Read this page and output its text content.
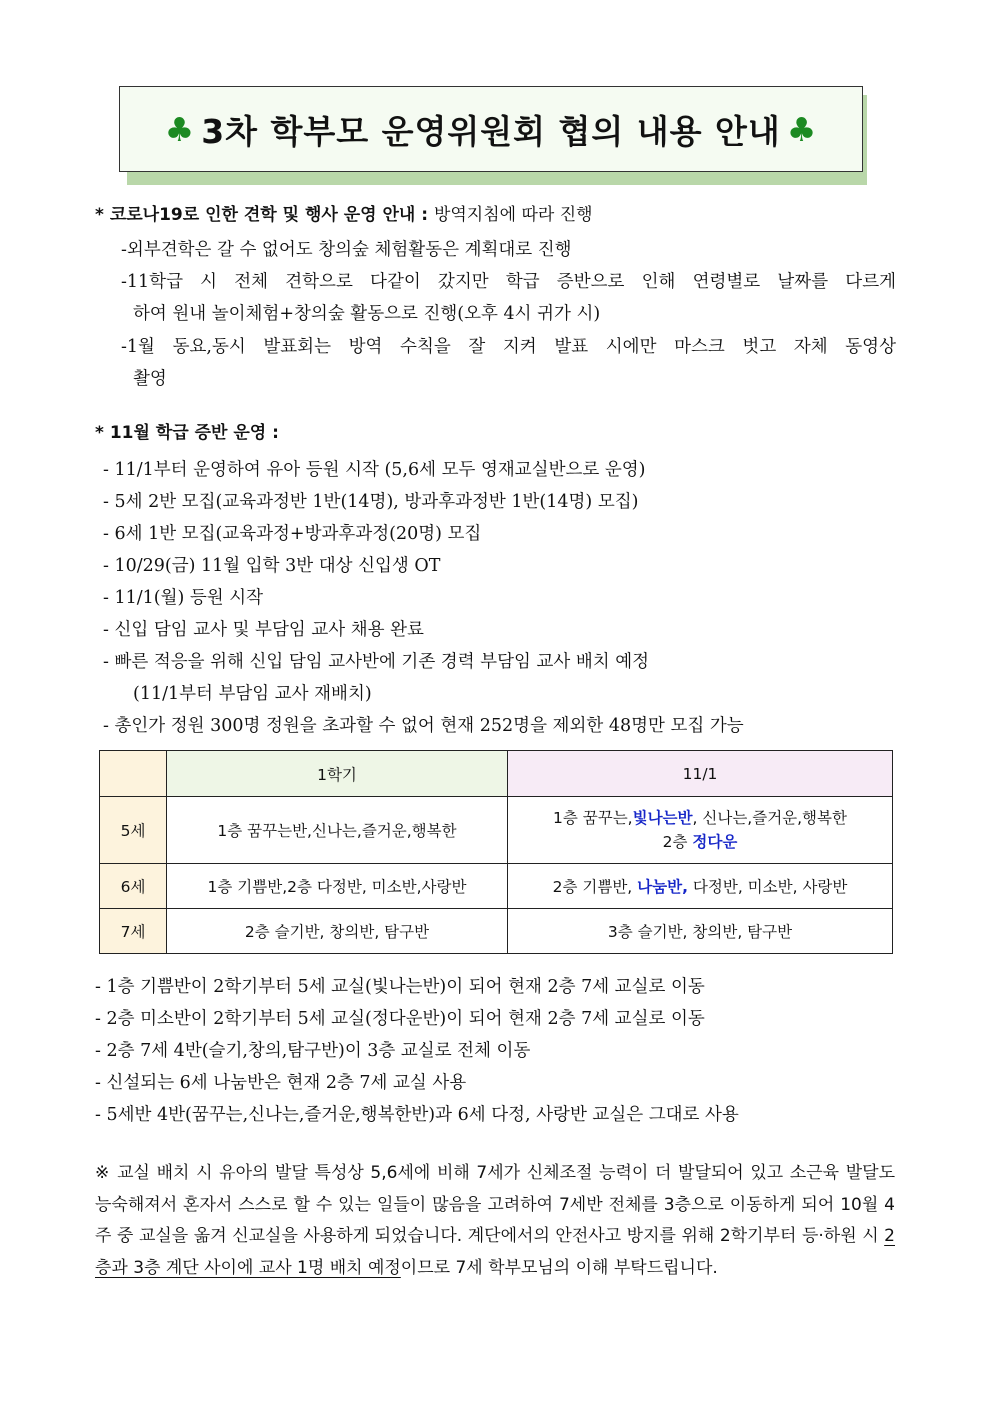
♣ 3차 학부모 운영위원회 협의 내용 안내 ♣
* 코로나19로 인한 견학 및 행사 운영 안내 : 방역지침에 따라 진행
-외부견학은 갈 수 없어도 창의숲 체험활동은 계획대로 진행
-11학급 시 전체 견학으로 다같이 갔지만 학급 증반으로 인해 연령별로 날짜를 다르게
하여 원내 놀이체험+창의숲 활동으로 진행(오후 4시 귀가 시)
-1월 동요,동시 발표회는 방역 수칙을 잘 지켜 발표 시에만 마스크 벗고 자체 동영상
촬영
* 11월 학급 증반 운영 :
- 11/1부터 운영하여 유아 등원 시작 (5,6세 모두 영재교실반으로 운영)
- 5세 2반 모집(교육과정반 1반(14명), 방과후과정반 1반(14명) 모집)
- 6세 1반 모집(교육과정+방과후과정(20명) 모집
- 10/29(금) 11월 입학 3반 대상 신입생 OT
- 11/1(월) 등원 시작
- 신입 담임 교사 및 부담임 교사 채용 완료
- 빠른 적응을 위해 신입 담임 교사반에 기존 경력 부담임 교사 배치 예정
(11/1부터 부담임 교사 재배치)
- 총인가 정원 300명 정원을 초과할 수 없어 현재 252명을 제외한 48명만 모집 가능
	1학기	11/1
5세	1층 꿈꾸는반,신나는,즐거운,행복한	1층 꿈꾸는,빛나는반, 신나는,즐거운,행복한
2층 정다운

6세	1층 기쁨반,2층 다정반, 미소반,사랑반	2층 기쁨반, 나눔반, 다정반, 미소반, 사랑반
7세	2층 슬기반, 창의반, 탐구반	3층 슬기반, 창의반, 탐구반
- 1층 기쁨반이 2학기부터 5세 교실(빛나는반)이 되어 현재 2층 7세 교실로 이동
- 2층 미소반이 2학기부터 5세 교실(정다운반)이 되어 현재 2층 7세 교실로 이동
- 2층 7세 4반(슬기,창의,탐구반)이 3층 교실로 전체 이동
- 신설되는 6세 나눔반은 현재 2층 7세 교실 사용
- 5세반 4반(꿈꾸는,신나는,즐거운,행복한반)과 6세 다정, 사랑반 교실은 그대로 사용
※ 교실 배치 시 유아의 발달 특성상 5,6세에 비해 7세가 신체조절 능력이 더 발달되어 있고 소근육 발달도 능숙해져서 혼자서 스스로 할 수 있는 일들이 많음을 고려하여 7세반 전체를 3층으로 이동하게 되어 10월 4주 중 교실을 옮겨 신교실을 사용하게 되었습니다. 계단에서의 안전사고 방지를 위해 2학기부터 등·하원 시 2층과 3층 계단 사이에 교사 1명 배치 예정이므로 7세 학부모님의 이해 부탁드립니다.
